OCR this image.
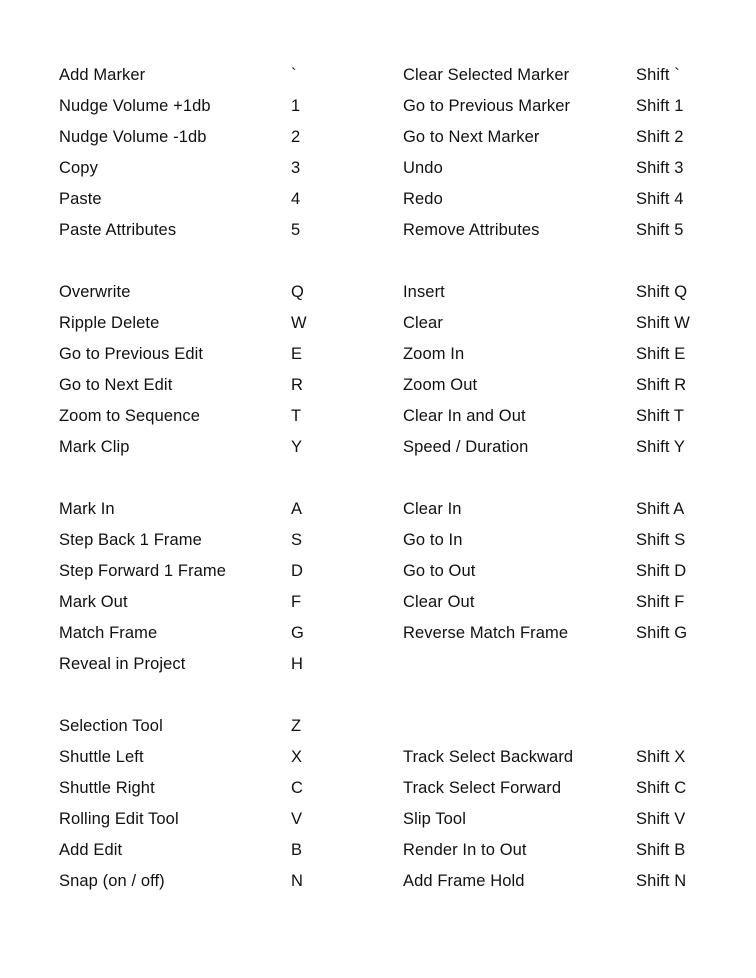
Add Marker	`	Clear Selected Marker	Shift `
Nudge Volume +1db	1	Go to Previous Marker	Shift 1
Nudge Volume -1db	2	Go to Next Marker	Shift 2
Copy	3	Undo	Shift 3
Paste	4	Redo	Shift 4
Paste Attributes	5	Remove Attributes	Shift 5
Overwrite	Q	Insert	Shift Q
Ripple Delete	W	Clear	Shift W
Go to Previous Edit	E	Zoom In	Shift E
Go to Next Edit	R	Zoom Out	Shift R
Zoom to Sequence	T	Clear In and Out	Shift T
Mark Clip	Y	Speed / Duration	Shift Y
Mark In	A	Clear In	Shift A
Step Back 1 Frame	S	Go to In	Shift S
Step Forward 1 Frame	D	Go to Out	Shift D
Mark Out	F	Clear Out	Shift F
Match Frame	G	Reverse Match Frame	Shift G
Reveal in Project	H
Selection Tool	Z
Shuttle Left	X	Track Select Backward	Shift X
Shuttle Right	C	Track Select Forward	Shift C
Rolling Edit Tool	V	Slip Tool	Shift V
Add Edit	B	Render In to Out	Shift B
Snap (on / off)	N	Add Frame Hold	Shift N
